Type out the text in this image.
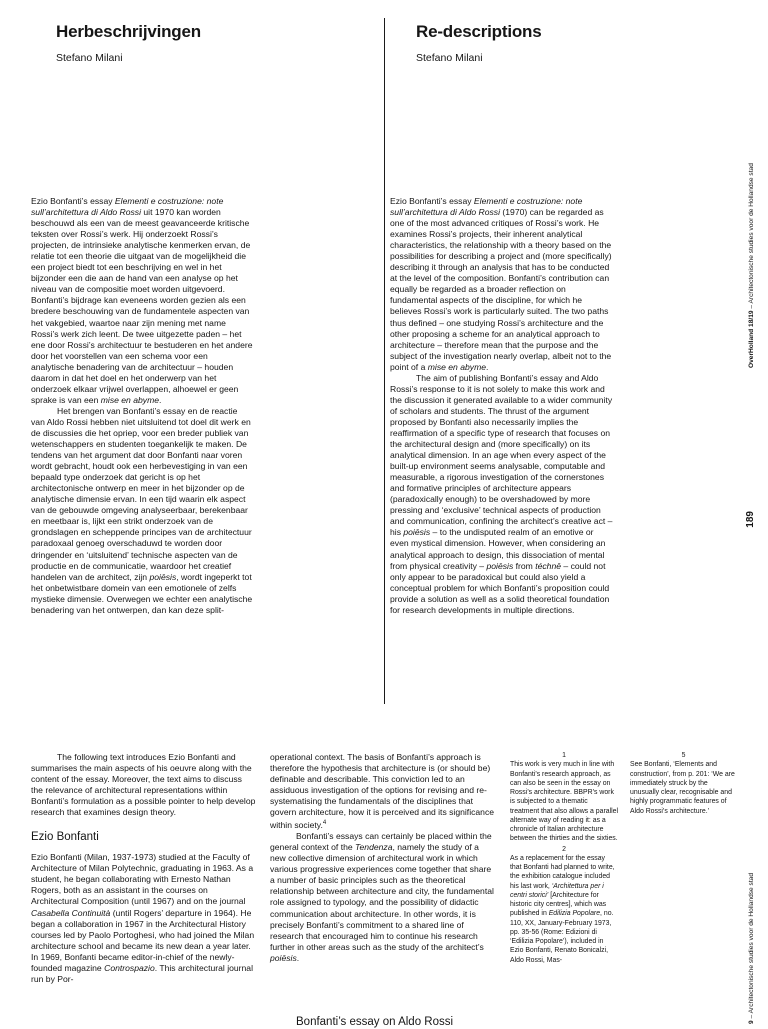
Herbeschrijvingen
Stefano Milani
Re-descriptions
Stefano Milani

Ezio Bonfanti’s essay Elementi e costruzione: note sull’architettura di Aldo Rossi uit 1970 kan worden beschouwd als een van de meest geavanceerde kritische teksten over Rossi’s werk. Hij onderzoekt Rossi’s projecten, de intrinsieke analytische kenmerken ervan, de relatie tot een theorie die uitgaat van de mogelijkheid die een project biedt tot een beschrijving en wel in het bijzonder een die aan de hand van een analyse op het niveau van de compositie moet worden uitgevoerd. Bonfanti’s bijdrage kan eveneens worden gezien als een bredere beschouwing van de fundamentele aspecten van het vakgebied, waartoe naar zijn mening met name Rossi’s werk zich leent. De twee uitgezette paden – het ene door Rossi’s architectuur te bestuderen en het andere door het voorstellen van een schema voor een analytische benadering van de architectuur – houden daarom in dat het doel en het onderwerp van het onderzoek elkaar vrijwel overlappen, alhoewel er geen sprake is van een mise en abyme.

Het brengen van Bonfanti’s essay en de reactie van Aldo Rossi hebben niet uitsluitend tot doel dit werk en de discussies die het opriep, voor een breder publiek van wetenschappers en studenten toegankelijk te maken. De tendens van het argument dat door Bonfanti naar voren wordt gebracht, houdt ook een herbevestiging in van een bepaald type onderzoek dat gericht is op het architectonische ontwerp en meer in het bijzonder op de analytische dimensie ervan. In een tijd waarin elk aspect van de gebouwde omgeving analyseerbaar, berekenbaar en meetbaar is, lijkt een strikt onderzoek van de grondslagen en scheppende principes van de architectuur paradoxaal genoeg overschaduwd te worden door dringender en ‘uitsluitend’ technische aspecten van de productie en de communicatie, waardoor het creatief handelen van de architect, zijn poiēsis, wordt ingeperkt tot het onbetwistbare domein van een emotionele of zelfs mystieke dimensie. Overwegen we echter een analytische benadering van het ontwerpen, dan kan deze split-

Ezio Bonfanti’s essay Elementi e costruzione: note sull’architettura di Aldo Rossi (1970) can be regarded as one of the most advanced critiques of Rossi’s work. He examines Rossi’s projects, their inherent analytical characteristics, the relationship with a theory based on the possibilities for describing a project and (more specifically) describing it through an analysis that has to be conducted at the level of the composition. Bonfanti’s contribution can equally be regarded as a broader reflection on fundamental aspects of the discipline, for which he believes Rossi’s work is particularly suited. The two paths thus defined – one studying Rossi’s architecture and the other proposing a scheme for an analytical approach to architecture – therefore mean that the purpose and the subject of the investigation nearly overlap, albeit not to the point of a mise en abyme.

The aim of publishing Bonfanti’s essay and Aldo Rossi’s response to it is not solely to make this work and the discussion it generated available to a wider community of scholars and students. The thrust of the argument proposed by Bonfanti also necessarily implies the reaffirmation of a specific type of research that focuses on the architectural design and (more specifically) on its analytical dimension. In an age when every aspect of the built-up environment seems analysable, computable and measurable, a rigorous investigation of the cornerstones and formative principles of architecture appears (paradoxically enough) to be overshadowed by more pressing and ‘exclusive’ technical aspects of production and communication, confining the architect’s creative act –his poiēsis – to the undisputed realm of an emotive or even mystical dimension. However, when considering an analytical approach to design, this dissociation of mental from physical creativity – poiēsis from téchnē – could not only appear to be paradoxical but could also yield a conceptual problem for which Bonfanti’s proposition could provide a solution as well as a solid theoretical foundation for research developments in multiple directions.

The following text introduces Ezio Bonfanti and summarises the main aspects of his oeuvre along with the content of the essay. Moreover, the text aims to discuss the relevance of architectural representations within Bonfanti’s formulation as a possible pointer to help develop research that examines design theory.

Ezio Bonfanti

Ezio Bonfanti (Milan, 1937-1973) studied at the Faculty of Architecture of Milan Polytechnic, graduating in 1963. As a student, he began collaborating with Ernesto Nathan Rogers, both as an assistant in the courses on Architectural Composition (until 1967) and on the journal Casabella Continuità (until Rogers’ departure in 1964). He began a collaboration in 1967 in the Architectural History courses led by Paolo Portoghesi, who had joined the Milan architecture school and became its new dean a year later. In 1969, Bonfanti became editor-in-chief of the newly-founded magazine Controspazio. This architectural journal run by Por-

operational context. The basis of Bonfanti’s approach is therefore the hypothesis that architecture is (or should be) definable and describable. This conviction led to an assiduous investigation of the options for revising and re-systematising the fundamentals of the disciplines that govern architecture, how it is perceived and its significance within society.$^4$

Bonfanti’s essays can certainly be placed within the general context of the Tendenza, namely the study of a new collective dimension of architectural work in which various progressive experiences come together that share a number of basic principles such as the theoretical relationship between architecture and city, the fundamental role assigned to typology, and the possibility of didactic communication about architecture. In other words, it is precisely Bonfanti’s commitment to a shared line of research that encouraged him to continue his research further in other areas such as the study of the architect’s poiēsis.

Bonfanti’s essay on Aldo Rossi
1
This work is very much in line with Bonfanti’s research approach, as can also be seen in the essay on Rossi’s architecture. BBPR’s work is subjected to a thematic treatment that also allows a parallel alternate way of reading it: as a chronicle of Italian architecture between the thirties and the sixties.
2
As a replacement for the essay that Bonfanti had planned to write, the exhibition catalogue included his last work, ‘Architettura per i centri storici’ [Architecture for historic city centres], which was published in Edilizia Popolare, no. 110, XX, January-February 1973, pp. 35-56 (Rome: Edizioni di ‘Edilizia Popolare’), included in Ezio Bonfanti, Renato Bonicalzi, Aldo Rossi, Mas-
5
See Bonfanti, ‘Elements and construction’, from p. 201: ‘We are immediately struck by the unusually clear, recognisable and highly programmatic features of Aldo Rossi’s architecture.’
OverHolland 18/19 – Architectonische studies voor de Hollandse stad
189
9 – Architectonische studies voor de Hollandse stad
